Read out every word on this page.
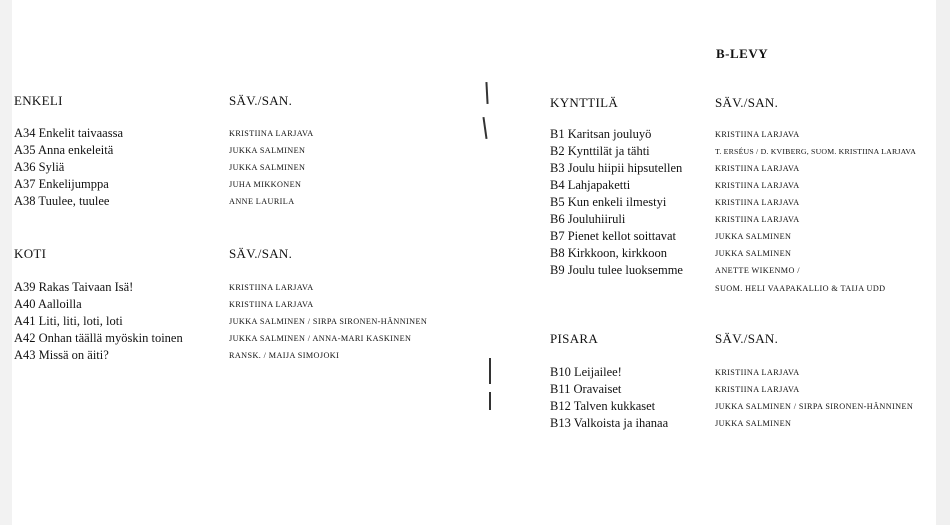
B-LEVY
ENKELI	SÄV./SAN.
A34 Enkelit taivaassa	KRISTIINA LARJAVA
A35 Anna enkeleitä	JUKKA SALMINEN
A36 Syliä	JUKKA SALMINEN
A37 Enkelijumppa	JUHA MIKKONEN
A38 Tuulee, tuulee	ANNE LAURILA
KOTI	SÄV./SAN.
A39 Rakas Taivaan Isä!	KRISTIINA LARJAVA
A40 Aalloilla	KRISTIINA LARJAVA
A41 Liti, liti, loti, loti	JUKKA SALMINEN / SIRPA SIRONEN-HÄNNINEN
A42 Onhan täällä myöskin toinen	JUKKA SALMINEN / ANNA-MARI KASKINEN
A43 Missä on äiti?	RANSK. / MAIJA SIMOJOKI
KYNTTILÄ	SÄV./SAN.
B1 Karitsan jouluyö	KRISTIINA LARJAVA
B2 Kynttilät ja tähti	T. ERSÉUS / D. KVIBERG, SUOM. KRISTIINA LARJAVA
B3 Joulu hiipii hipsutellen	KRISTIINA LARJAVA
B4 Lahjapaketti	KRISTIINA LARJAVA
B5 Kun enkeli ilmestyi	KRISTIINA LARJAVA
B6 Jouluhiiruli	KRISTIINA LARJAVA
B7 Pienet kellot soittavat	JUKKA SALMINEN
B8 Kirkkoon, kirkkoon	JUKKA SALMINEN
B9 Joulu tulee luoksemme	ANETTE WIKENMO /
SUOM. HELI VAAPAKALLIO & TAIJA UDD
PISARA	SÄV./SAN.
B10 Leijailee!	KRISTIINA LARJAVA
B11 Oravaiset	KRISTIINA LARJAVA
B12 Talven kukkaset	JUKKA SALMINEN / SIRPA SIRONEN-HÄNNINEN
B13 Valkoista ja ihanaa	JUKKA SALMINEN
